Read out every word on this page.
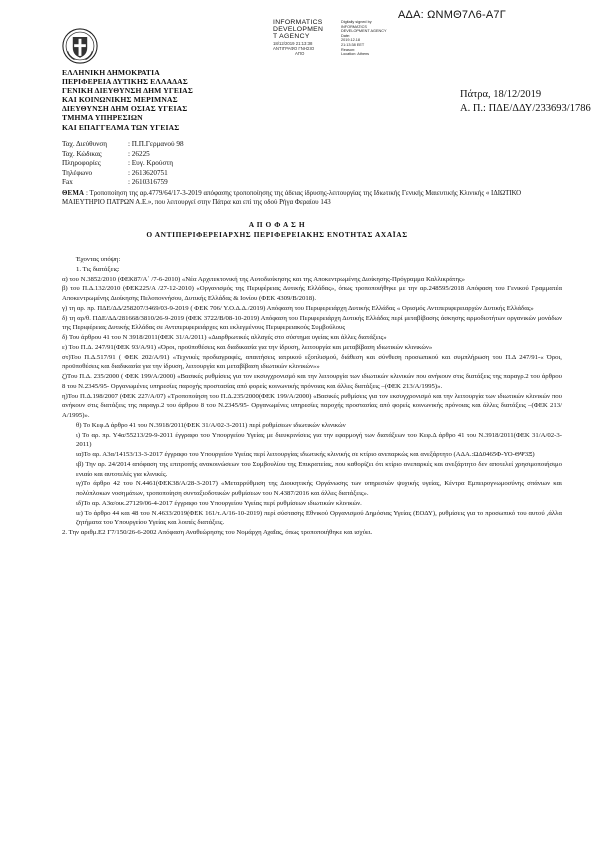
ΑΔΑ: ΩΝΜΘ7Λ6-Α7Γ
INFORMATICS
DEVELOPMEN
T AGENCY
18/12/2019 21:13:38
ΑΝΤΙΓΡΑΦΟ ΓΝΗΣΙΟ
ΑΠΟ
Digitally signed by
INFORMATICS
DEVELOPMENT AGENCY
Date:
2019.12.18
21:13:38 EET
Reason:
Location: Athens
ΕΛΛΗΝΙΚΗ ΔΗΜΟΚΡΑΤΙΑ
ΠΕΡΙΦΕΡΕΙΑ ΔΥΤΙΚΗΣ ΕΛΛΑΔΑΣ
ΓΕΝΙΚΗ ΔΙΕΥΘΥΝΣΗ ΔΗΜ ΥΓΕΙΑΣ
ΚΑΙ ΚΟΙΝΩΝΙΚΗΣ ΜΕΡΙΜΝΑΣ
ΔΙΕΥΘΥΝΣΗ ΔΗΜ ΟΣΙΑΣ ΥΓΕΙΑΣ
ΤΜΗΜΑ ΥΠΗΡΕΣΙΩΝ
ΚΑΙ ΕΠΑΓΓΕΛΜΑ ΤΩΝ ΥΓΕΙΑΣ
Πάτρα, 18/12/2019
Α. Π.: ΠΔΕ/ΔΔΥ/233693/1786
Ταχ. Διεύθυνση	: Π.Π.Γερμανού 98
Ταχ. Κώδικας	: 26225
Πληροφορίες	: Ευγ. Κρούστη
Τηλέφωνο	: 2613620751
Fax	: 2610316759
ΘΕΜΑ : Τροποποίηση της αρ.4779/64/17-3-2019 απόφασης τροποποίησης της άδειας ίδρυσης-λειτουργίας της Ιδιωτικής Γενικής Μαιευτικής Κλινικής « ΙΔΙΩΤΙΚΟ ΜΑΙΕΥΤΗΡΙΟ ΠΑΤΡΩΝ Α.Ε.», που λειτουργεί στην Πάτρα και επί της οδού Ρήγα Φεραίου 143
Α Π Ο Φ Α Σ Η
Ο ΑΝΤΙΠΕΡΙΦΕΡΕΙΑΡΧΗΣ ΠΕΡΙΦΕΡΕΙΑΚΗΣ ΕΝΟΤΗΤΑΣ ΑΧΑΪΑΣ
Έχοντας υπόψη:
1. Τις διατάξεις:
α) του Ν.3852/2010 (ΦΕΚ87/Α΄ /7-6-2010) «Νέα Αρχιτεκτονική της Αυτοδιοίκησης και της Αποκεντρωμένης Διοίκησης-Πρόγραμμα Καλλικράτης»
β) του Π.Δ.132/2010 (ΦΕΚ225/Α /27-12-2010) «Οργανισμός της Περιφέρειας Δυτικής Ελλάδας», όπως τροποποιήθηκε με την αρ.248595/2018 Απόφαση του Γενικού Γραμματέα Αποκεντρωμένης Διοίκησης Πελοποννήσου, Δυτικής Ελλάδας & Ιονίου (ΦΕΚ 4309/Β/2018).
γ) τη αρ. πρ. ΠΔΕ/ΔΔ/258207/3469/03-9-2019 ( ΦΕΚ 706/ Υ.Ο.Δ.Δ./2019) Απόφαση του Περιφερειάρχη Δυτικής Ελλάδας « Ορισμός Αντιπεριφερειαρχών Δυτικής Ελλάδας»
δ) τη αρ/θ. ΠΔΕ/ΔΔ/281668/3810/26-9-2019 (ΦΕΚ 3722/Β/08-10-2019) Απόφαση του Περιφερειάρχη Δυτικής Ελλάδας περί μεταβίβασης άσκησης αρμοδιοτήτων οργανικών μονάδων της Περιφέρειας Δυτικής Ελλάδας σε Αντιπεριφερειάρχες και εκλεγμένους Περιφερειακούς Συμβούλους
δ) Του άρθρου 41 του Ν 3918/2011(ΦΕΚ 31/Α/2011) «Διαρθρωτικές αλλαγές στο σύστημα υγείας και άλλες διατάξεις»
ε) Του Π.Δ. 247/91(ΦΕΚ 93/Α/91) «Όροι, προϋποθέσεις και διαδικασία για την ίδρυση, λειτουργία και μεταβίβαση ιδιωτικών κλινικών»
στ)Του Π.Δ.517/91 ( ΦΕΚ 202/Α/91) «Τεχνικές προδιαγραφές, απαιτήσεις ιατρικού εξοπλισμού, διάθεση και σύνθεση προσωπικού και συμπλήρωση του Π.Δ 247/91-« Όροι, προϋποθέσεις και διαδικασία για την ίδρυση, λειτουργία και μεταβίβαση ιδιωτικών κλινικών»»
ζ)Του Π.Δ. 235/2000 ( ΦΕΚ 199/Α/2000) «Βασικές ρυθμίσεις για τον εκσυγχρονισμό και την λειτουργία των ιδιωτικών κλινικών που ανήκουν στις διατάξεις της παραγρ.2 του άρθρου 8 του Ν.2345/95- Οργανωμένες υπηρεσίες παροχής προστασίας από φορείς κοινωνικής πρόνοιας και άλλες διατάξεις –(ΦΕΚ 213/Α/1995)».
η)Του Π.Δ.198/2007 (ΦΕΚ 227/Α/07) «Τροποποίηση του Π.Δ.235/2000(ΦΕΚ 199/Α/2000) «Βασικές ρυθμίσεις για τον εκσυγχρονισμό και την λειτουργία των ιδιωτικών κλινικών που ανήκουν στις διατάξεις της παραγρ.2 του άρθρου 8 του Ν.2345/95- Οργανωμένες υπηρεσίες παροχής προστασίας από φορείς κοινωνικής πρόνοιας και άλλες διατάξεις –(ΦΕΚ 213/Α/1995)».
θ) Το Κεφ.Δ άρθρο 41 του Ν.3918/2011(ΦΕΚ 31/Α/02-3-2011) περί ρυθμίσεων ιδιωτικών κλινικών
ι) Το αρ. πρ. Υ4α/55213/29-9-2011 έγγραφο του Υπουργείου Υγείας με διευκρινίσεις για την εφαρμογή των διατάξεων του Κεφ.Δ άρθρο 41 του Ν.3918/2011(ΦΕΚ 31/Α/02-3-2011)
ια)Το αρ. Α3α/14153/13-3-2017 έγγραφο του Υπουργείου Υγείας περί λειτουργίας ιδιωτικής κλινικής σε κτίριο ανεπαρκώς και ανεξάρτητο (ΑΔΑ.:ΩΔ0465Φ-ΥΟ-ΘΨ3Ξ)
ιβ) Την αρ. 24/2014 απόφαση της επιτροπής ανακοινώσεων του Συμβουλίου της Επικρατείας, που καθορίζει ότι κτίριο ανεπαρκές και ανεξάρτητο δεν αποτελεί χρησιμοποιήσιμο ενιαίο και αυτοτελές για κλινικές.
ιγ)Το άρθρο 42 του Ν.4461(ΦΕΚ38/Α/28-3-2017) «Μεταρρύθμιση της Διοικητικής Οργάνωσης των υπηρεσιών ψυχικής υγείας, Κέντρα Εμπειρογνωμοσύνης σπάνιων και πολύπλοκων νοσημάτων, τροποποίηση συνταξιοδοτικών ρυθμίσεων του Ν.4387/2016 και άλλες διατάξεις».
ιδ)Το αρ. Α3α/οικ.27129/06-4-2017 έγγραφο του Υπουργείου Υγείας περί ρυθμίσεων ιδιωτικών κλινικών.
ιε) Το άρθρο 44 και 48 του Ν.4633/2019(ΦΕΚ 161/τ.Α/16-10-2019) περί σύστασης Εθνικού Οργανισμού Δημόσιας Υγείας (ΕΟΔΥ), ρυθμίσεις για το προσωπικό του αυτού ,άλλα ζητήματα του Υπουργείου Υγείας και λοιπές διατάξεις.
2. Την αριθμ.Ε2 Γ7/150/26-6-2002 Απόφαση Αναθεώρησης του Νομάρχη Αχαΐας, όπως τροποποιήθηκε και ισχύει.
